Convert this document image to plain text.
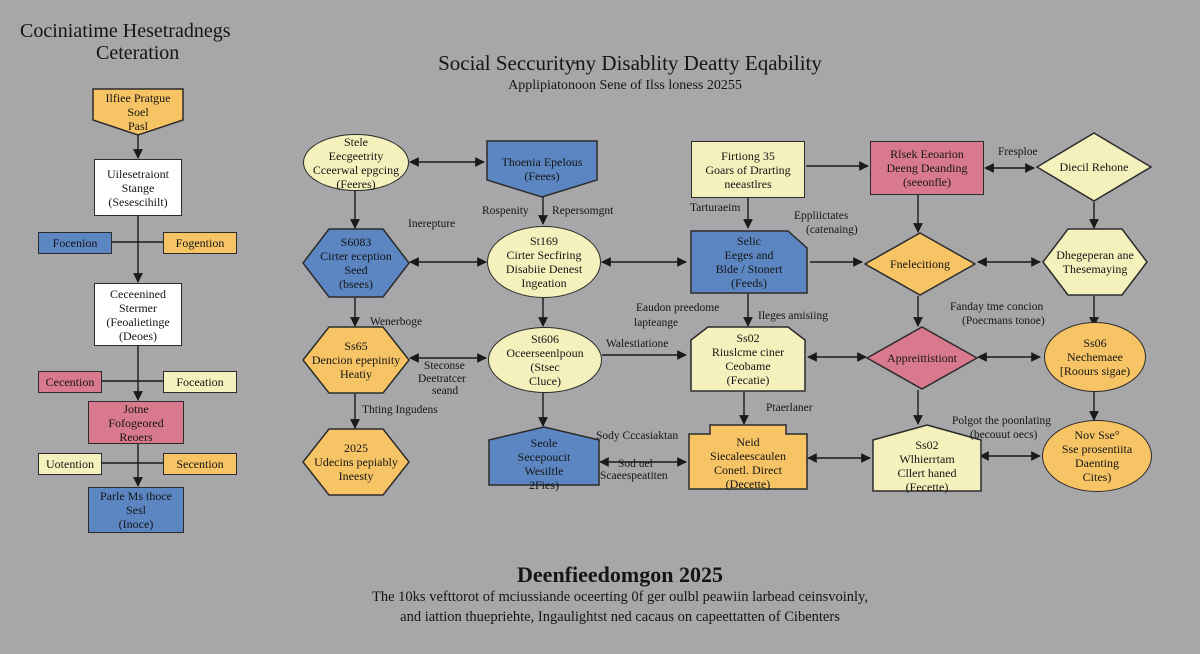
Cociniatime Hesetradnegs
Ceteration	Social Seccurity̵ny Disablity Deatty Eqability
Applipiatonoon Sene of Ilss loness 20255
Ilfiee Pratgue
Soel
Pasl
Uilesetraiont
Stange
(Sesescihilt)
Focenion	Fogention
Ceceenined
Stermer
(Feoalietinge
(Deoes)
Cecention	Foceation
Jotne
Fofogeored
Reoers
Uotention	Secention
Parle Ms thoce
Sesl
(Inoce)
Stele
Eecgeetrity
Cceerwal epgcing
(Feeres)
Thoenia Epelous
(Feees)
Firtiong 35
Goars of Drarting
neeastlres
Rlsek Eeoarion
Deeng Deanding
(seeonfle)
Diecil Rehone
S6083
Cirter eception
Seed
(bsees)
St169
Cirter Secfiring
Disabiie Denest
Ingeation
Selic
Eeges and
Blde / Stonert
(Feeds)
Fnelecitiong
Dhegeperan ane
Thesemaying
Ss65
Dencion epepinity
Heatiy
St606
Oceerseenlpoun
(Stsec
Cluce)
Ss02
Riuslcme ciner
Ceobame
(Fecatie)
Appreittistiont
Ss06
Nechemaee
[Roours sigae)
2025
Udecins pepiably
Ineesty
Seole
Secepoucit
Wesiltle
2Fies)
Neid
Siecaleescaulen
Conetl. Direct
(Decette)
Ss02
Wlhierrtam
Cllert haned
(Fecette)
Nov Sse°
Sse prosentiita
Daenting
Cites)
Inerepture
Rospenity Repersomgnt	Tarturaeim
Eppliictates
(catenaing)
Fresploe
Wenerboge
Eaudon preedome
lapteange
Ileges amisiing
Fanday tme concion
(Poecmans tonoe)
Steconse
Deetratcer
seand
Walestiatione
Thting Ingudens	Ptaerlaner
Sody Cccasiaktan
Sod uel
Scaeespeatiten
Polgot the poonlating
(becouut oecs)
Deenfieedomgon 2025
The 10ks vefttorot of mciussiande oceerting 0f ger oulbl peawiin larbead ceinsvoinly,
and iattion thuepriehte, Ingaulightst ned cacaus on capeettatten of Cibenters
